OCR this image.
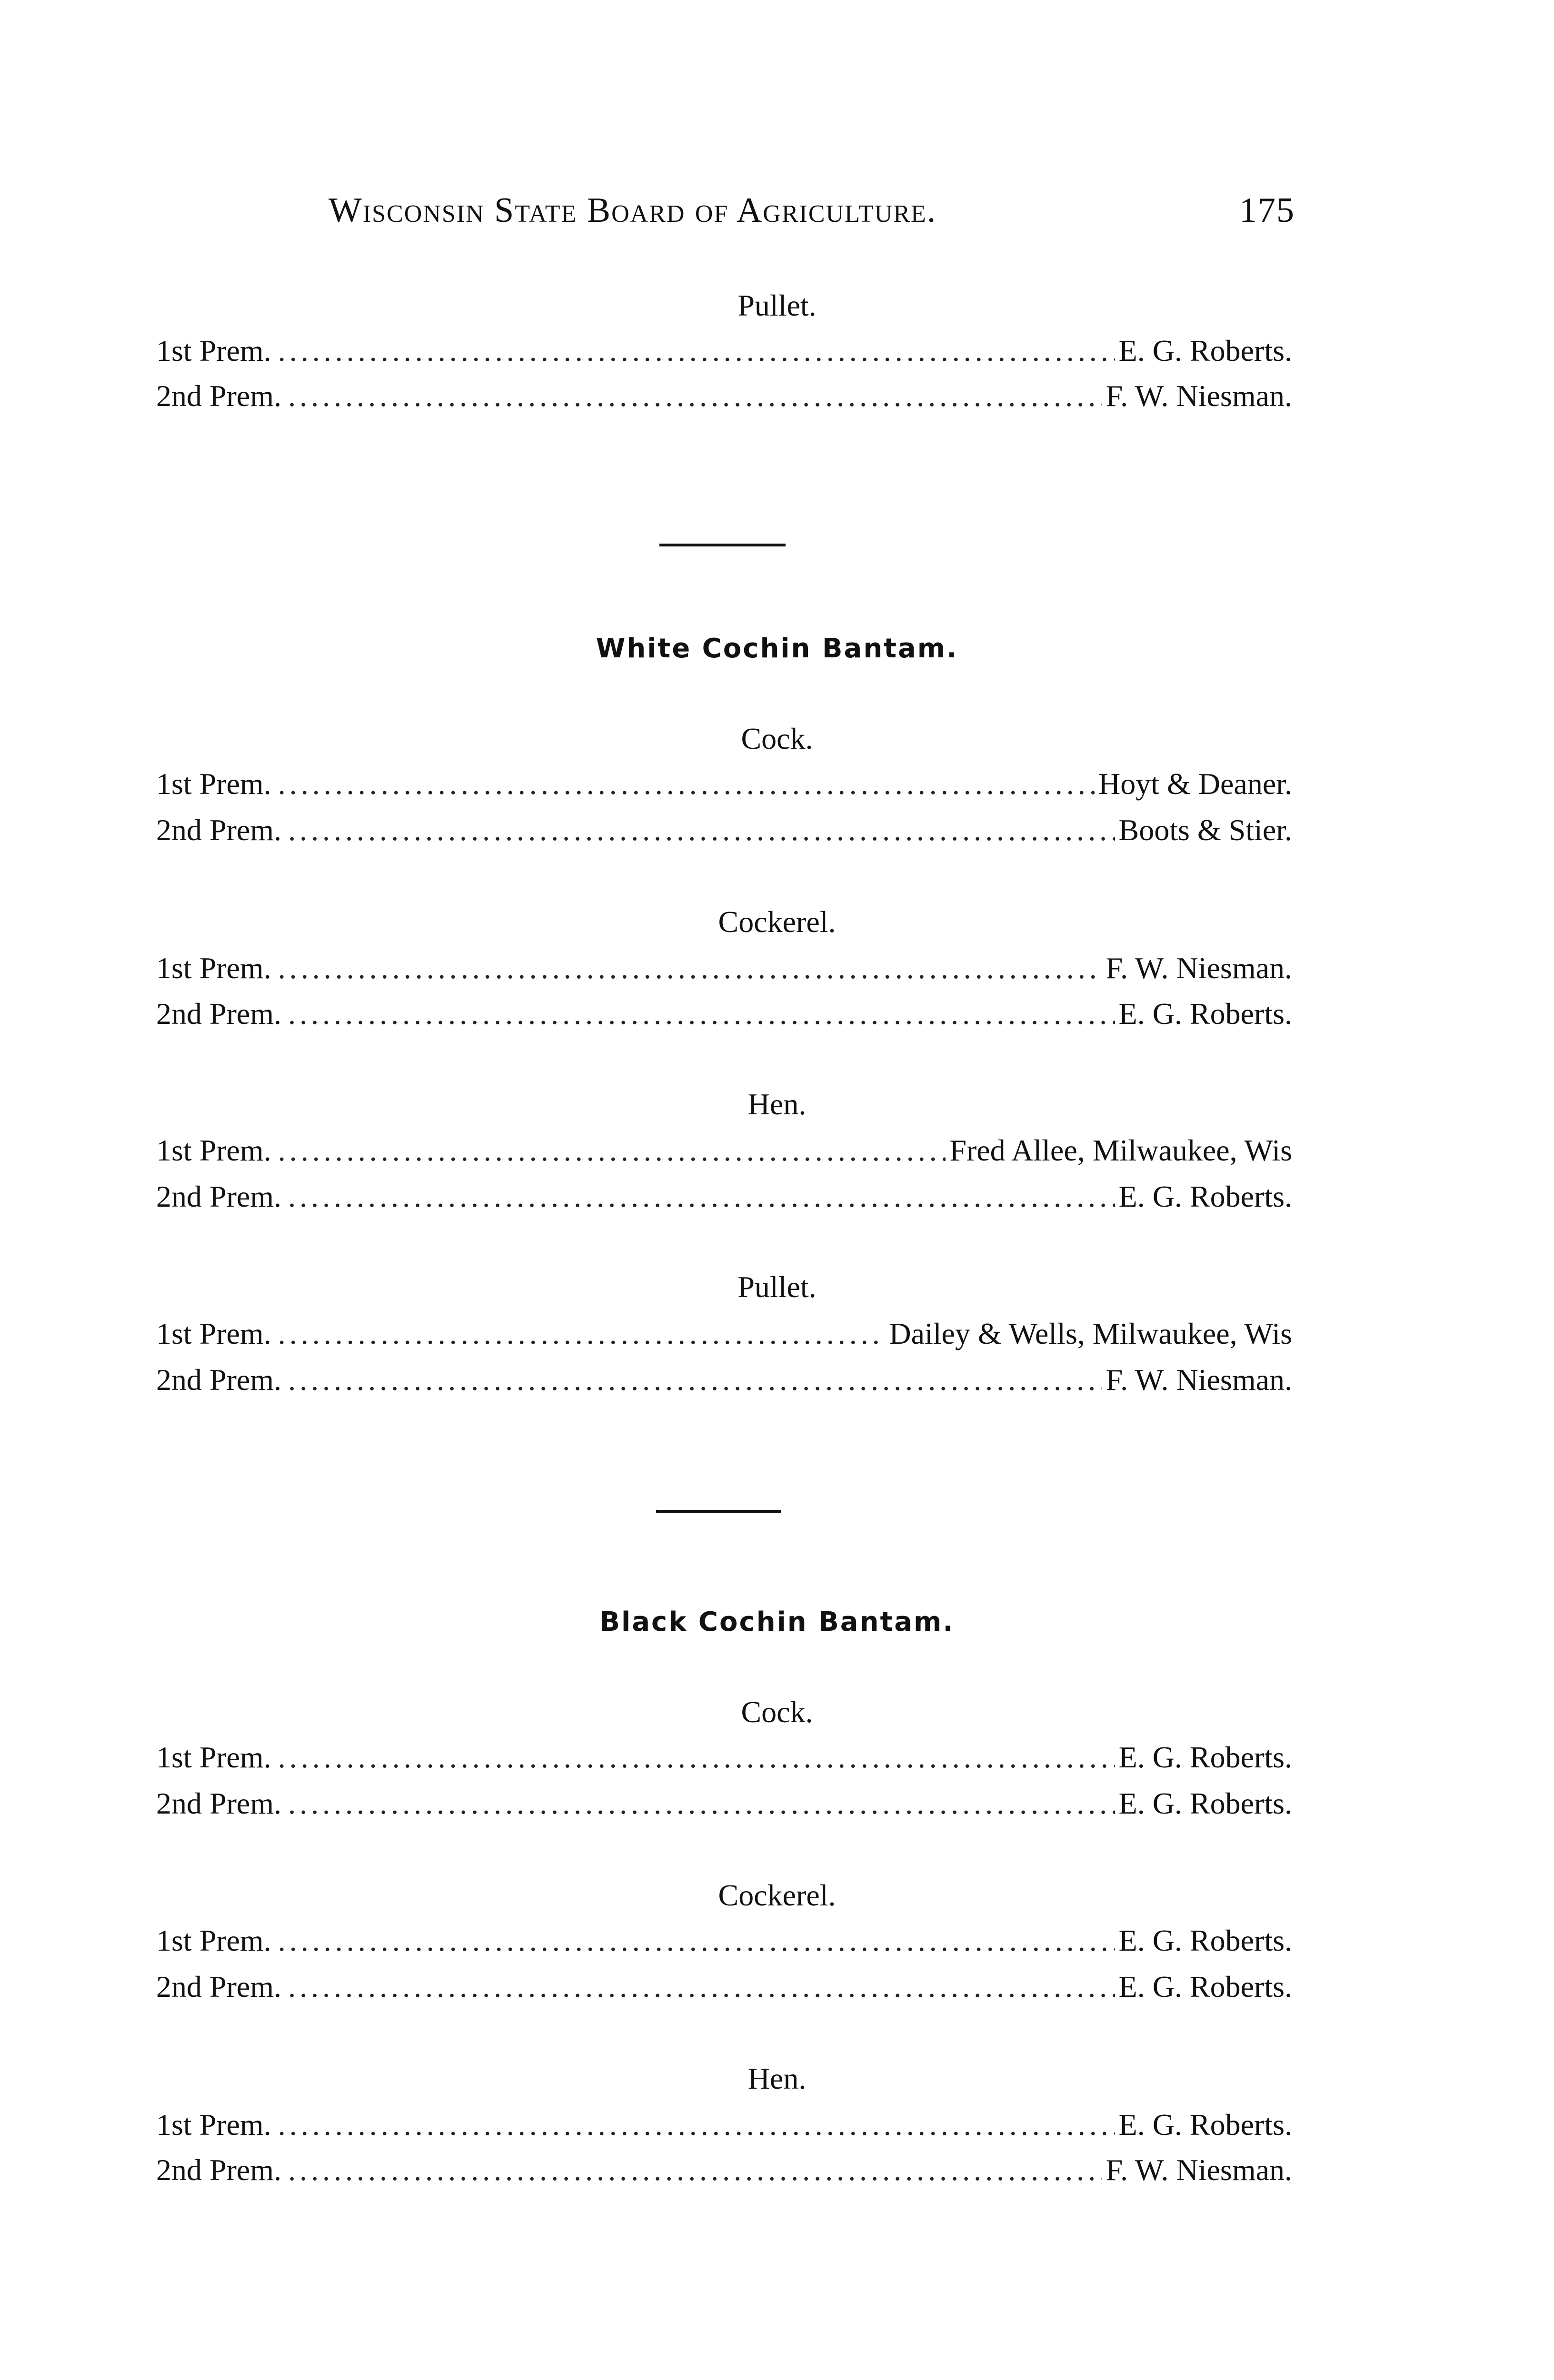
Wisconsin State Board of Agriculture.	175
Pullet.
1st Prem. . . .	E. G. Roberts.
2nd Prem. . . .	F. W. Niesman.
White Cochin Bantam.
Cock.
1st Prem. . . .	Hoyt & Deaner.
2nd Prem. . . .	Boots & Stier.
Cockerel.
1st Prem. . . .	F. W. Niesman.
2nd Prem. . . .	E. G. Roberts.
Hen.
1st Prem. . . .	Fred Allee, Milwaukee, Wis
2nd Prem. . . .	E. G. Roberts.
Pullet.
1st Prem. . . .	Dailey & Wells, Milwaukee, Wis
2nd Prem. . . .	F. W. Niesman.
Black Cochin Bantam.
Cock.
1st Prem. . . .	E. G. Roberts.
2nd Prem. . . .	E. G. Roberts.
Cockerel.
1st Prem. . . .	E. G. Roberts.
2nd Prem. . . .	E. G. Roberts.
Hen.
1st Prem. . . .	E. G. Roberts.
2nd Prem. . . .	F. W. Niesman.
